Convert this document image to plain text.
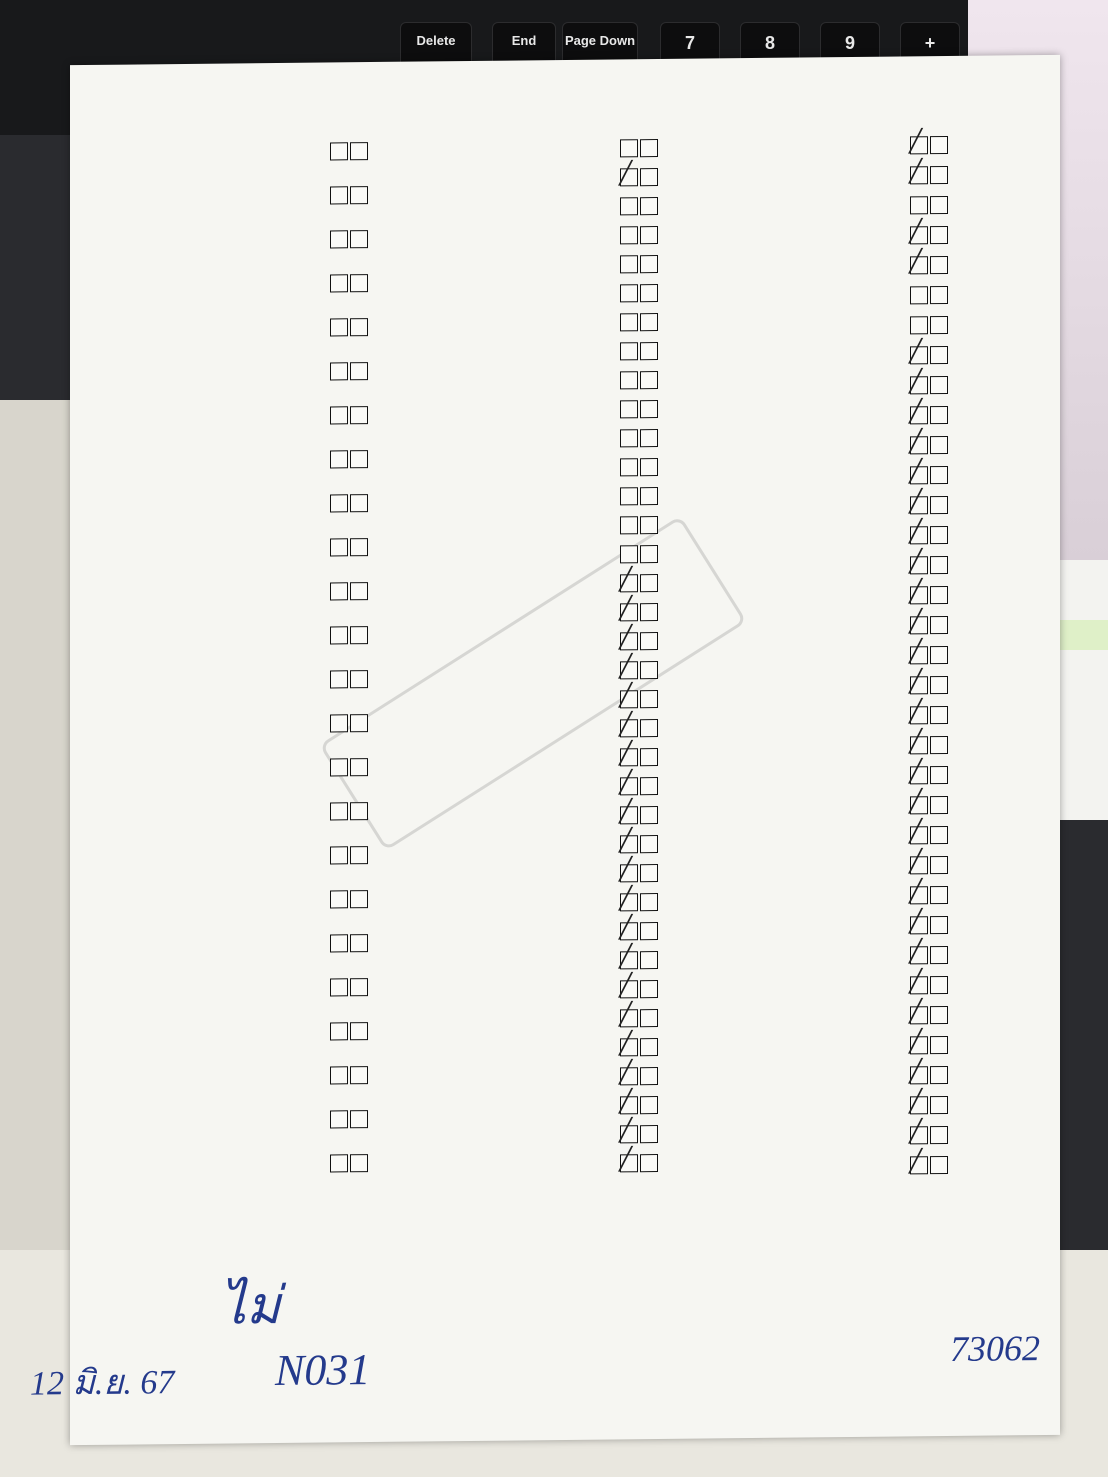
Delete	End	Page Down	7	8	9	+
╱
╱
╱
╱
╱
╱
╱
╱
╱
╱
╱
╱
╱
╱
╱
╱
╱
╱
╱
╱
╱
╱
╱
╱
╱
╱
╱
╱
╱
╱
╱
╱
╱
╱
╱
╱
╱
╱
╱
╱
╱
╱
╱
╱
╱
╱
╱
╱
╱
╱
╱
╱
╱
╱
ไม่
12 มิ.ย. 67 N031	73062
